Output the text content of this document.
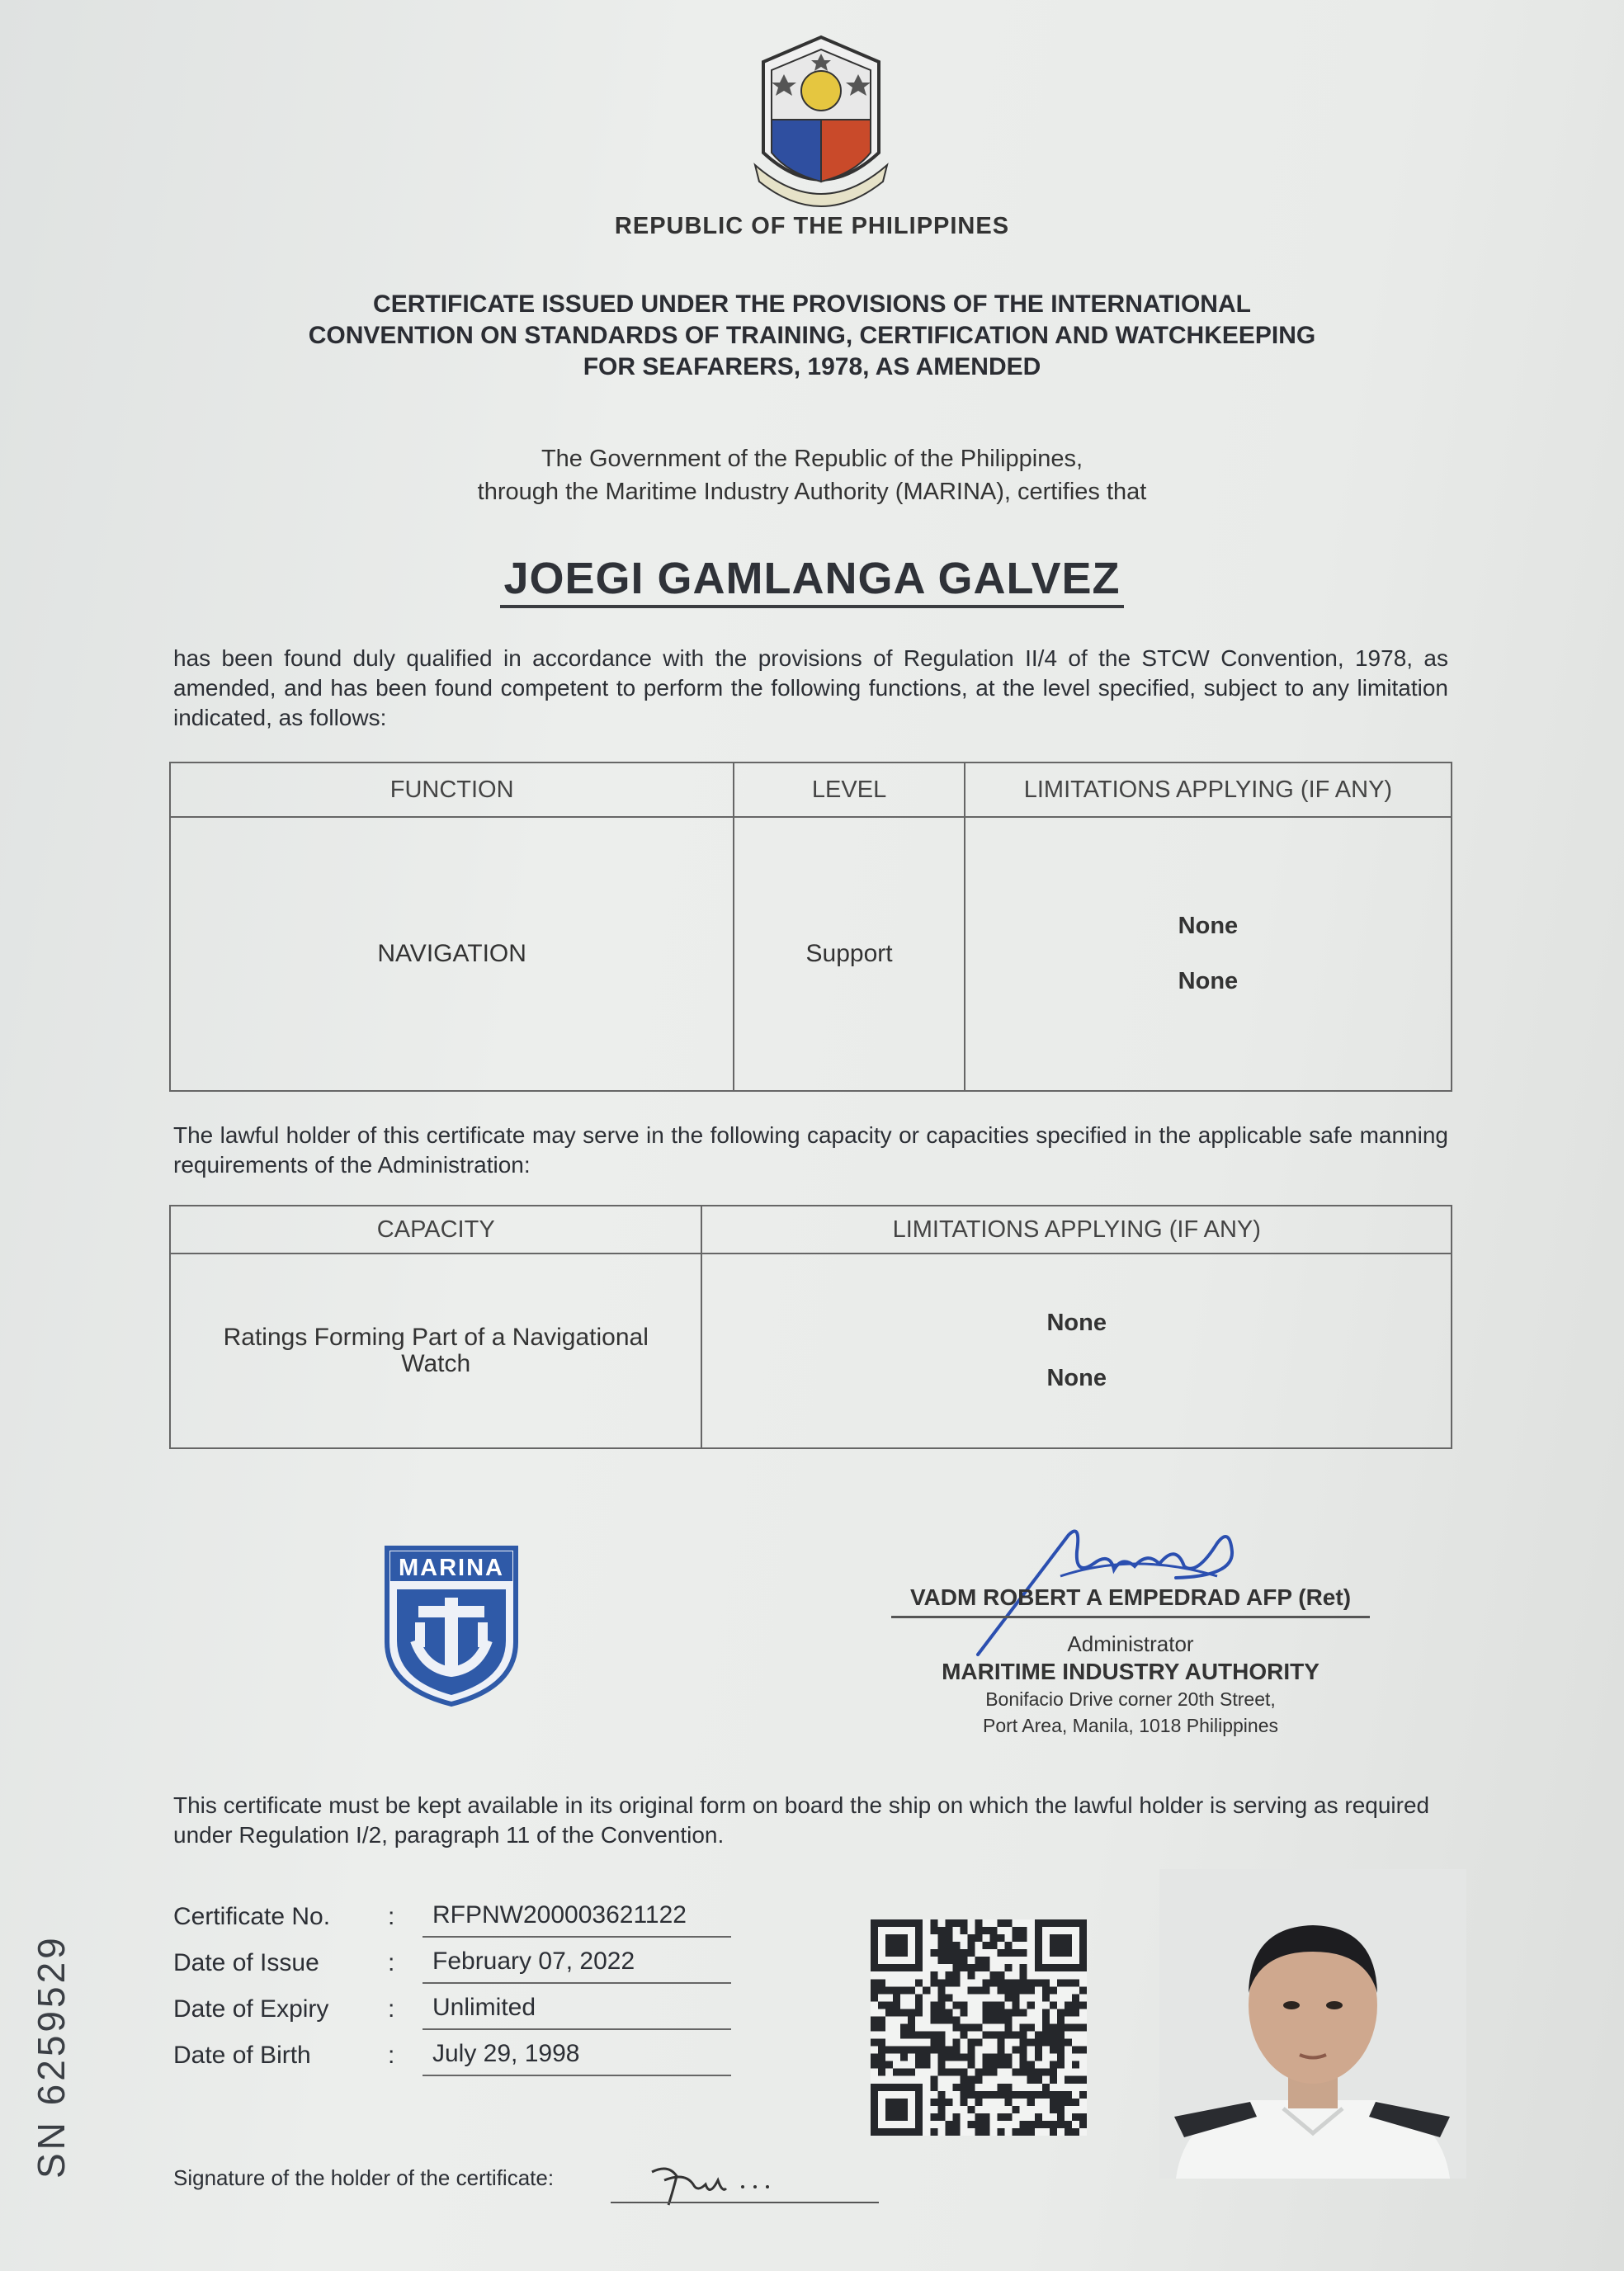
REPUBLIC OF THE PHILIPPINES
CERTIFICATE ISSUED UNDER THE PROVISIONS OF THE INTERNATIONAL
CONVENTION ON STANDARDS OF TRAINING, CERTIFICATION AND WATCHKEEPING
FOR SEAFARERS, 1978, AS AMENDED
The Government of the Republic of the Philippines,
through the Maritime Industry Authority (MARINA), certifies that
JOEGI GAMLANGA GALVEZ
has been found duly qualified in accordance with the provisions of Regulation II/4 of the STCW Convention, 1978, as amended, and has been found competent to perform the following functions, at the level specified, subject to any limitation indicated, as follows:
FUNCTION	LEVEL	LIMITATIONS APPLYING (IF ANY)
NAVIGATION	Support	None
None
The lawful holder of this certificate may serve in the following capacity or capacities specified in the applicable safe manning requirements of the Administration:
CAPACITY	LIMITATIONS APPLYING (IF ANY)
Ratings Forming Part of a Navigational Watch	None
None
MARINA
VADM ROBERT A EMPEDRAD AFP (Ret)
Administrator
MARITIME INDUSTRY AUTHORITY
Bonifacio Drive corner 20th Street,
Port Area, Manila, 1018 Philippines
This certificate must be kept available in its original form on board the ship on which the lawful holder is serving as required under Regulation I/2, paragraph 11 of the Convention.
Certificate No.	:	RFPNW200003621122
Date of Issue	:	February 07, 2022
Date of Expiry	:	Unlimited
Date of Birth	:	July 29, 1998
SN 6259529	Signature of the holder of the certificate:
